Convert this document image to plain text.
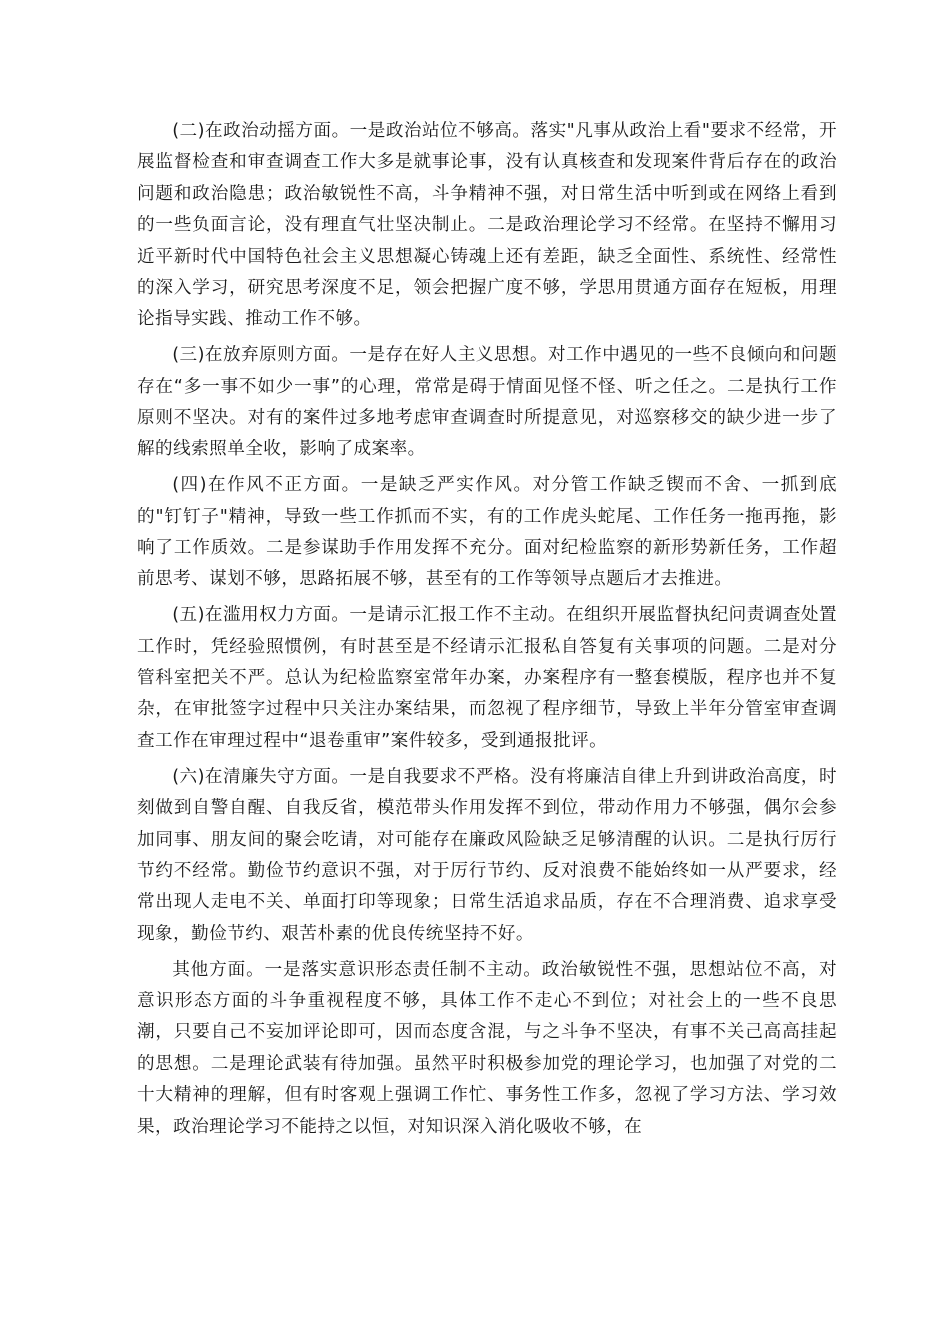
(二)在政治动摇方面。一是政治站位不够高。落实"凡事从政治上看"要求不经常，开展监督检查和审查调查工作大多是就事论事，没有认真核查和发现案件背后存在的政治问题和政治隐患；政治敏锐性不高，斗争精神不强，对日常生活中听到或在网络上看到的一些负面言论，没有理直气壮坚决制止。二是政治理论学习不经常。在坚持不懈用习近平新时代中国特色社会主义思想凝心铸魂上还有差距，缺乏全面性、系统性、经常性的深入学习，研究思考深度不足，领会把握广度不够，学思用贯通方面存在短板，用理论指导实践、推动工作不够。

(三)在放弃原则方面。一是存在好人主义思想。对工作中遇见的一些不良倾向和问题存在“多一事不如少一事”的心理，常常是碍于情面见怪不怪、听之任之。二是执行工作原则不坚决。对有的案件过多地考虑审查调查时所提意见，对巡察移交的缺少进一步了解的线索照单全收，影响了成案率。

(四)在作风不正方面。一是缺乏严实作风。对分管工作缺乏锲而不舍、一抓到底的"钉钉子"精神，导致一些工作抓而不实，有的工作虎头蛇尾、工作任务一拖再拖，影响了工作质效。二是参谋助手作用发挥不充分。面对纪检监察的新形势新任务，工作超前思考、谋划不够，思路拓展不够，甚至有的工作等领导点题后才去推进。

(五)在滥用权力方面。一是请示汇报工作不主动。在组织开展监督执纪问责调查处置工作时，凭经验照惯例，有时甚至是不经请示汇报私自答复有关事项的问题。二是对分管科室把关不严。总认为纪检监察室常年办案，办案程序有一整套模版，程序也并不复杂，在审批签字过程中只关注办案结果，而忽视了程序细节，导致上半年分管室审查调查工作在审理过程中“退卷重审”案件较多，受到通报批评。

(六)在清廉失守方面。一是自我要求不严格。没有将廉洁自律上升到讲政治高度，时刻做到自警自醒、自我反省，模范带头作用发挥不到位，带动作用力不够强，偶尔会参加同事、朋友间的聚会吃请，对可能存在廉政风险缺乏足够清醒的认识。二是执行厉行节约不经常。勤俭节约意识不强，对于厉行节约、反对浪费不能始终如一从严要求，经常出现人走电不关、单面打印等现象；日常生活追求品质，存在不合理消费、追求享受现象，勤俭节约、艰苦朴素的优良传统坚持不好。

其他方面。一是落实意识形态责任制不主动。政治敏锐性不强，思想站位不高，对意识形态方面的斗争重视程度不够，具体工作不走心不到位；对社会上的一些不良思潮，只要自己不妄加评论即可，因而态度含混，与之斗争不坚决，有事不关己高高挂起的思想。二是理论武装有待加强。虽然平时积极参加党的理论学习，也加强了对党的二十大精神的理解，但有时客观上强调工作忙、事务性工作多，忽视了学习方法、学习效果，政治理论学习不能持之以恒，对知识深入消化吸收不够，在
